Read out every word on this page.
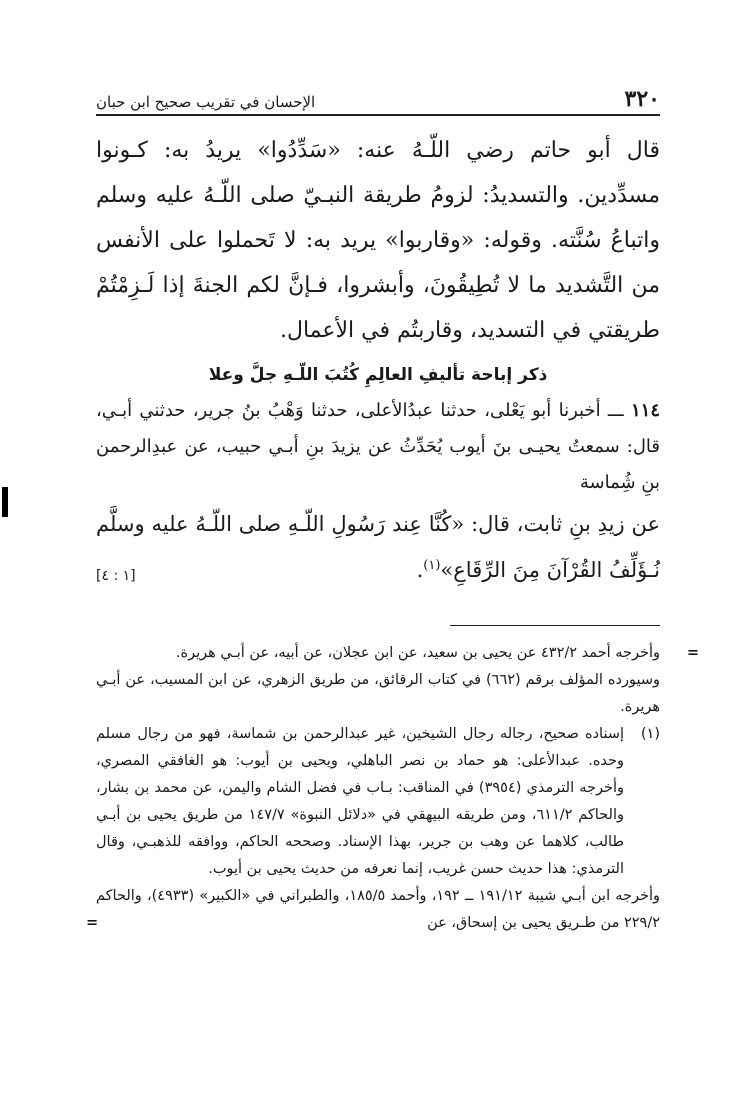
٣٢٠
الإحسان في تقريب صحيح ابن حبان

قال أبو حاتم رضي اللّـهُ عنه: «سَدِّدُوا» يريدُ به: كـونوا مسدِّدين. والتسديدُ: لزومُ طريقة النبـيّ صلى اللّـهُ عليه وسلم واتباعُ سُنَّته. وقوله: «وقاربوا» يريد به: لا تَحملوا على الأنفس من التَّشديد ما لا تُطِيقُونَ، وأبشروا، فـإنَّ لكم الجنةَ إذا لَـزِمْتُمْ طريقتي في التسديد، وقاربتُم في الأعمال.

ذكر إباحة تأليفِ العالِمِ كُتُبَ اللّـهِ جلَّ وعلا

١١٤ ـــ أخبرنا أبو يَعْلى، حدثنا عبدُالأعلى، حدثنا وَهْبُ بنُ جرير، حدثني أبـي، قال: سمعتُ يحيـى بنَ أيوب يُحَدِّثُ عن يزيدَ بنِ أبـي حبيب، عن عبدِالرحمن بنِ شُِماسة

عن زيدِ بنِ ثابت، قال: «كُنَّا عِند رَسُولِ اللّـهِ صلى اللّـهُ عليه وسلَّم نُـؤَلِّفُ القُرْآنَ مِنَ الرِّقَاعِ»$^{(١)}$.
[١ : ٤]

=
وأخرجه أحمد ٤٣٢/٢ عن يحيى بن سعيد، عن ابن عجلان، عن أبيه، عن أبـي هريرة.

وسيورده المؤلف برقم (٦٦٢) في كتاب الرقائق، من طريق الزهري، عن ابن المسيب، عن أبـي هريرة.

(١)
إسناده صحيح، رجاله رجال الشيخين، غير عبدالرحمن بن شماسة، فهو من رجال مسلم وحده. عبدالأعلى: هو حماد بن نصر الباهلي، ويحيى بن أيوب: هو الغافقي المصري، وأخرجه الترمذي (٣٩٥٤) في المناقب: بـاب في فضل الشام واليمن، عن محمد بن بشار، والحاكم ٦١١/٢، ومن طريقه البيهقي في «دلائل النبوة» ١٤٧/٧ من طريق يحيى بن أبـي طالب، كلاهما عن وهب بن جرير، بهذا الإسناد. وصححه الحاكم، ووافقه للذهبـي، وقال الترمذي: هذا حديث حسن غريب، إنما نعرفه من حديث يحيى بن أيوب.

وأخرجه ابن أبـي شيبة ١٩١/١٢ ــ ١٩٢، وأحمد ١٨٥/٥، والطبراني في «الكبير» (٤٩٣٣)، والحاكم ٢٢٩/٢ من طـريق يحيى بن إسحاق، عن
=
